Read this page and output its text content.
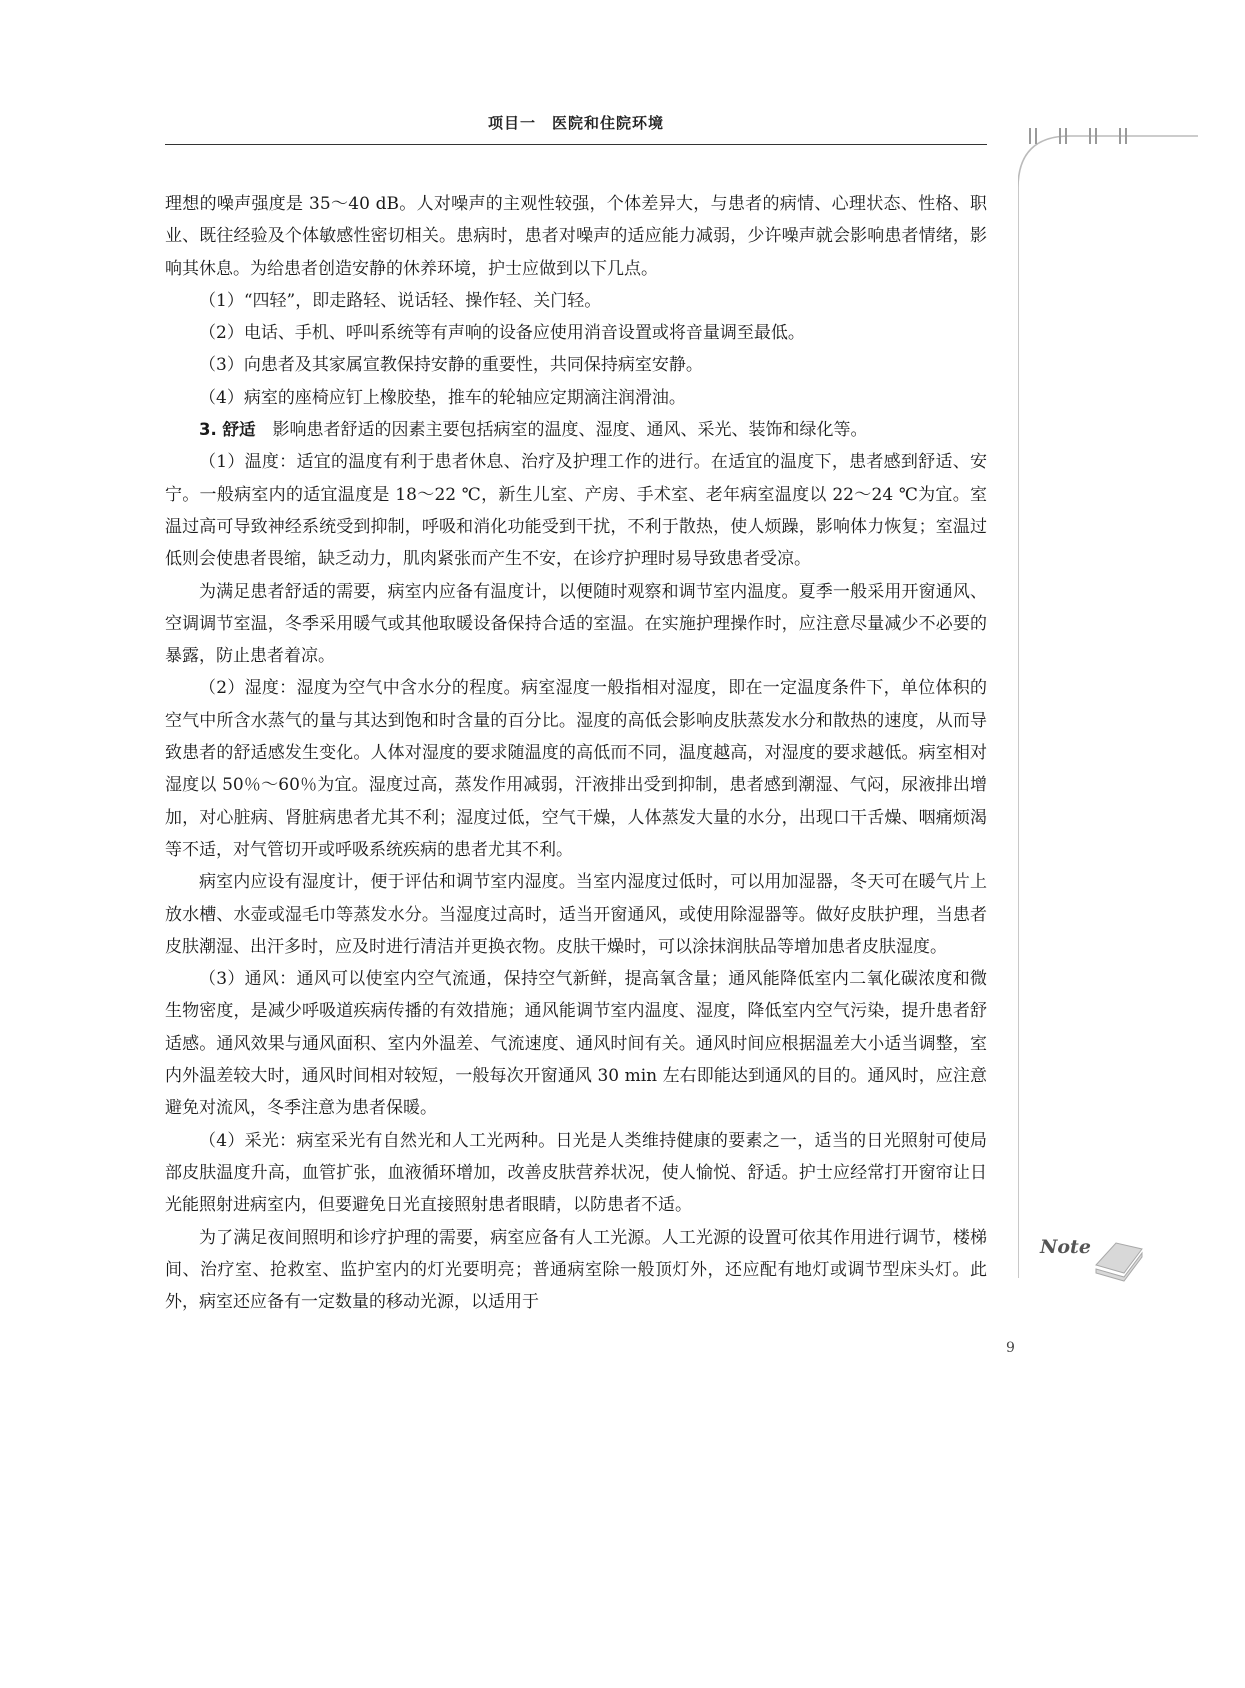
项目一　医院和住院环境

理想的噪声强度是 35～40 dB。人对噪声的主观性较强，个体差异大，与患者的病情、心理状态、性格、职业、既往经验及个体敏感性密切相关。患病时，患者对噪声的适应能力减弱，少许噪声就会影响患者情绪，影响其休息。为给患者创造安静的休养环境，护士应做到以下几点。

（1）“四轻”，即走路轻、说话轻、操作轻、关门轻。

（2）电话、手机、呼叫系统等有声响的设备应使用消音设置或将音量调至最低。

（3）向患者及其家属宣教保持安静的重要性，共同保持病室安静。

（4）病室的座椅应钉上橡胶垫，推车的轮轴应定期滴注润滑油。

3. 舒适　影响患者舒适的因素主要包括病室的温度、湿度、通风、采光、装饰和绿化等。

（1）温度：适宜的温度有利于患者休息、治疗及护理工作的进行。在适宜的温度下，患者感到舒适、安宁。一般病室内的适宜温度是 18～22 ℃，新生儿室、产房、手术室、老年病室温度以 22～24 ℃为宜。室温过高可导致神经系统受到抑制，呼吸和消化功能受到干扰，不利于散热，使人烦躁，影响体力恢复；室温过低则会使患者畏缩，缺乏动力，肌肉紧张而产生不安，在诊疗护理时易导致患者受凉。

为满足患者舒适的需要，病室内应备有温度计，以便随时观察和调节室内温度。夏季一般采用开窗通风、空调调节室温，冬季采用暖气或其他取暖设备保持合适的室温。在实施护理操作时，应注意尽量减少不必要的暴露，防止患者着凉。

（2）湿度：湿度为空气中含水分的程度。病室湿度一般指相对湿度，即在一定温度条件下，单位体积的空气中所含水蒸气的量与其达到饱和时含量的百分比。湿度的高低会影响皮肤蒸发水分和散热的速度，从而导致患者的舒适感发生变化。人体对湿度的要求随温度的高低而不同，温度越高，对湿度的要求越低。病室相对湿度以 50％～60％为宜。湿度过高，蒸发作用减弱，汗液排出受到抑制，患者感到潮湿、气闷，尿液排出增加，对心脏病、肾脏病患者尤其不利；湿度过低，空气干燥，人体蒸发大量的水分，出现口干舌燥、咽痛烦渴等不适，对气管切开或呼吸系统疾病的患者尤其不利。

病室内应设有湿度计，便于评估和调节室内湿度。当室内湿度过低时，可以用加湿器，冬天可在暖气片上放水槽、水壶或湿毛巾等蒸发水分。当湿度过高时，适当开窗通风，或使用除湿器等。做好皮肤护理，当患者皮肤潮湿、出汗多时，应及时进行清洁并更换衣物。皮肤干燥时，可以涂抹润肤品等增加患者皮肤湿度。

（3）通风：通风可以使室内空气流通，保持空气新鲜，提高氧含量；通风能降低室内二氧化碳浓度和微生物密度，是减少呼吸道疾病传播的有效措施；通风能调节室内温度、湿度，降低室内空气污染，提升患者舒适感。通风效果与通风面积、室内外温差、气流速度、通风时间有关。通风时间应根据温差大小适当调整，室内外温差较大时，通风时间相对较短，一般每次开窗通风 30 min 左右即能达到通风的目的。通风时，应注意避免对流风，冬季注意为患者保暖。

（4）采光：病室采光有自然光和人工光两种。日光是人类维持健康的要素之一，适当的日光照射可使局部皮肤温度升高，血管扩张，血液循环增加，改善皮肤营养状况，使人愉悦、舒适。护士应经常打开窗帘让日光能照射进病室内，但要避免日光直接照射患者眼睛，以防患者不适。

为了满足夜间照明和诊疗护理的需要，病室应备有人工光源。人工光源的设置可依其作用进行调节，楼梯间、治疗室、抢救室、监护室内的灯光要明亮；普通病室除一般顶灯外，还应配有地灯或调节型床头灯。此外，病室还应备有一定数量的移动光源，以适用于

Note
9
